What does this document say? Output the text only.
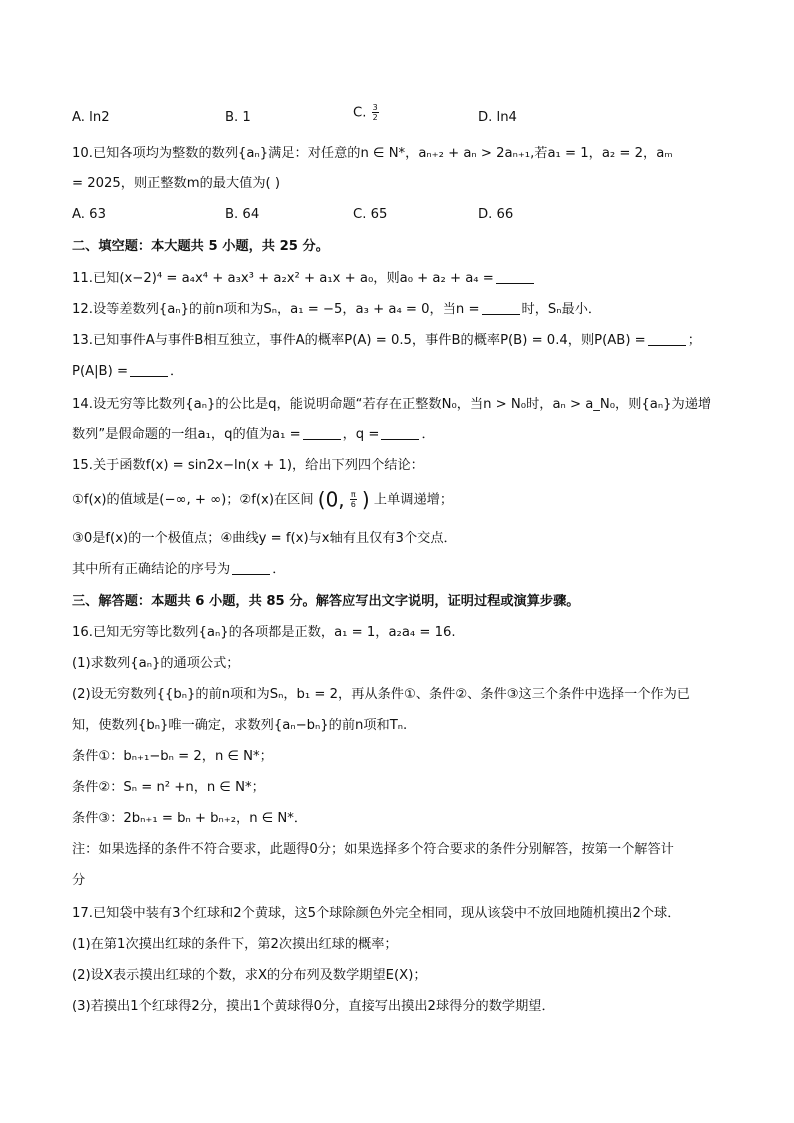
A. ln2	B. 1	C. $\frac{3}{2}$	D. ln4
10.已知各项均为整数的数列{aₙ}满足：对任意的n ∈ N*，aₙ₊₂ + aₙ > 2aₙ₊₁,若a₁ = 1，a₂ = 2，aₘ
= 2025，则正整数m的最大值为( )
A. 63	B. 64	C. 65	D. 66
二、填空题：本大题共 5 小题，共 25 分。
11.已知(x−2)⁴ = a₄x⁴ + a₃x³ + a₂x² + a₁x + a₀，则a₀ + a₂ + a₄ =
12.设等差数列{aₙ}的前n项和为Sₙ，a₁ = −5，a₃ + a₄ = 0，当n =	时，Sₙ最小．
13.已知事件A与事件B相互独立，事件A的概率P(A) = 0.5，事件B的概率P(B) = 0.4，则P(AB) =	；
P(A|B) =	．
14.设无穷等比数列{aₙ}的公比是q，能说明命题“若存在正整数N₀，当n > N₀时，aₙ > a_N₀，则{aₙ}为递增
数列”是假命题的一组a₁，q的值为a₁ =	，q =	．
15.关于函数f(x) = sin2x−ln(x + 1)，给出下列四个结论：
①f(x)的值域是(−∞, + ∞)；②f(x)在区间 (0, $\frac{\pi}{6}$ ) 上单调递增；
③0是f(x)的一个极值点；④曲线y = f(x)与x轴有且仅有3个交点．
其中所有正确结论的序号为	．
三、解答题：本题共 6 小题，共 85 分。解答应写出文字说明，证明过程或演算步骤。
16.已知无穷等比数列{aₙ}的各项都是正数，a₁ = 1，a₂a₄ = 16.
(1)求数列{aₙ}的通项公式；
(2)设无穷数列{{bₙ}的前n项和为Sₙ，b₁ = 2，再从条件①、条件②、条件③这三个条件中选择一个作为已
知，使数列{bₙ}唯一确定，求数列{aₙ−bₙ}的前n项和Tₙ.
条件①：bₙ₊₁−bₙ = 2，n ∈ N*；
条件②：Sₙ = n² +n，n ∈ N*；
条件③：2bₙ₊₁ = bₙ + bₙ₊₂，n ∈ N*．
注：如果选择的条件不符合要求，此题得0分；如果选择多个符合要求的条件分别解答，按第一个解答计
分
17.已知袋中装有3个红球和2个黄球，这5个球除颜色外完全相同，现从该袋中不放回地随机摸出2个球．
(1)在第1次摸出红球的条件下，第2次摸出红球的概率；
(2)设X表示摸出红球的个数，求X的分布列及数学期望E(X)；
(3)若摸出1个红球得2分，摸出1个黄球得0分，直接写出摸出2球得分的数学期望．
